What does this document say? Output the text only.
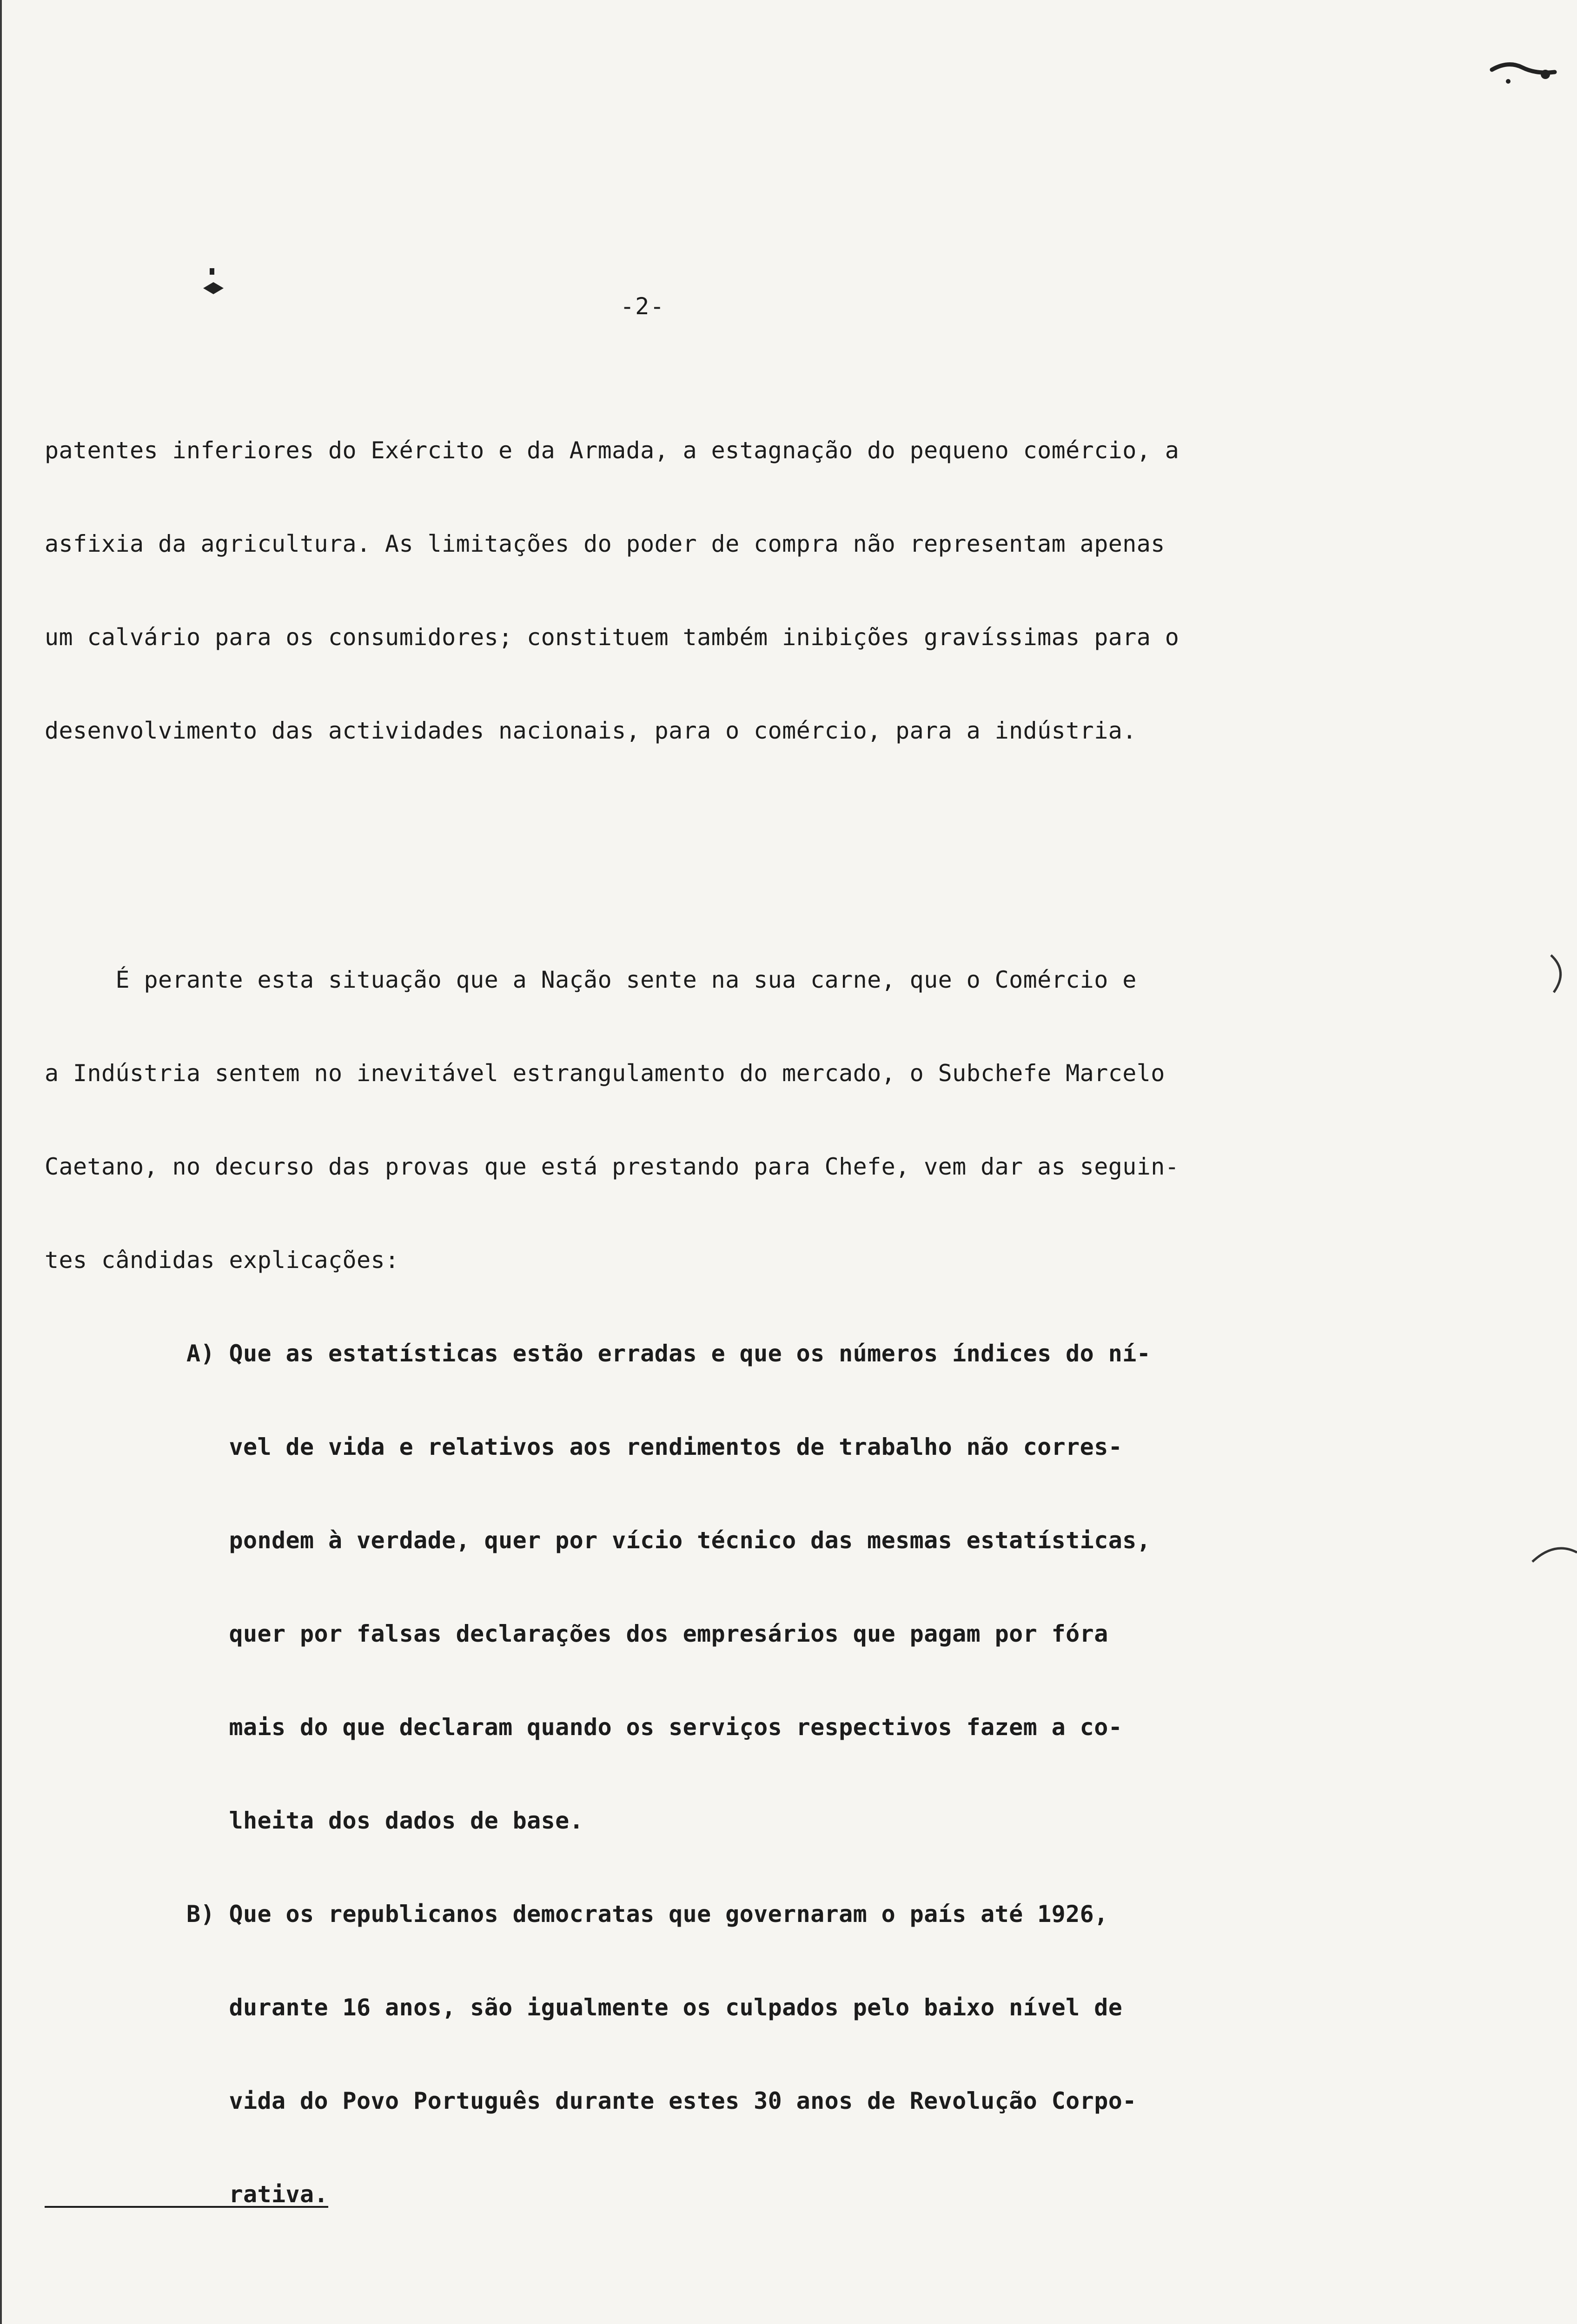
-2-

patentes inferiores do Exército e da Armada, a estagnação do pequeno comércio, a

asfixia da agricultura. As limitações do poder de compra não representam apenas

um calvário para os consumidores; constituem também inibições gravíssimas para o

desenvolvimento das actividades nacionais, para o comércio, para a indústria.

É perante esta situação que a Nação sente na sua carne, que o Comércio e

a Indústria sentem no inevitável estrangulamento do mercado, o Subchefe Marcelo

Caetano, no decurso das provas que está prestando para Chefe, vem dar as seguin-

tes cândidas explicações:

A) Que as estatísticas estão erradas e que os números índices do ní-

vel de vida e relativos aos rendimentos de trabalho não corres-

pondem à verdade, quer por vício técnico das mesmas estatísticas,

quer por falsas declarações dos empresários que pagam por fóra

mais do que declaram quando os serviços respectivos fazem a co-

lheita dos dados de base.

B) Que os republicanos democratas que governaram o país até 1926,

durante 16 anos, são igualmente os culpados pelo baixo nível de

vida do Povo Português durante estes 30 anos de Revolução Corpo-

rativa.
